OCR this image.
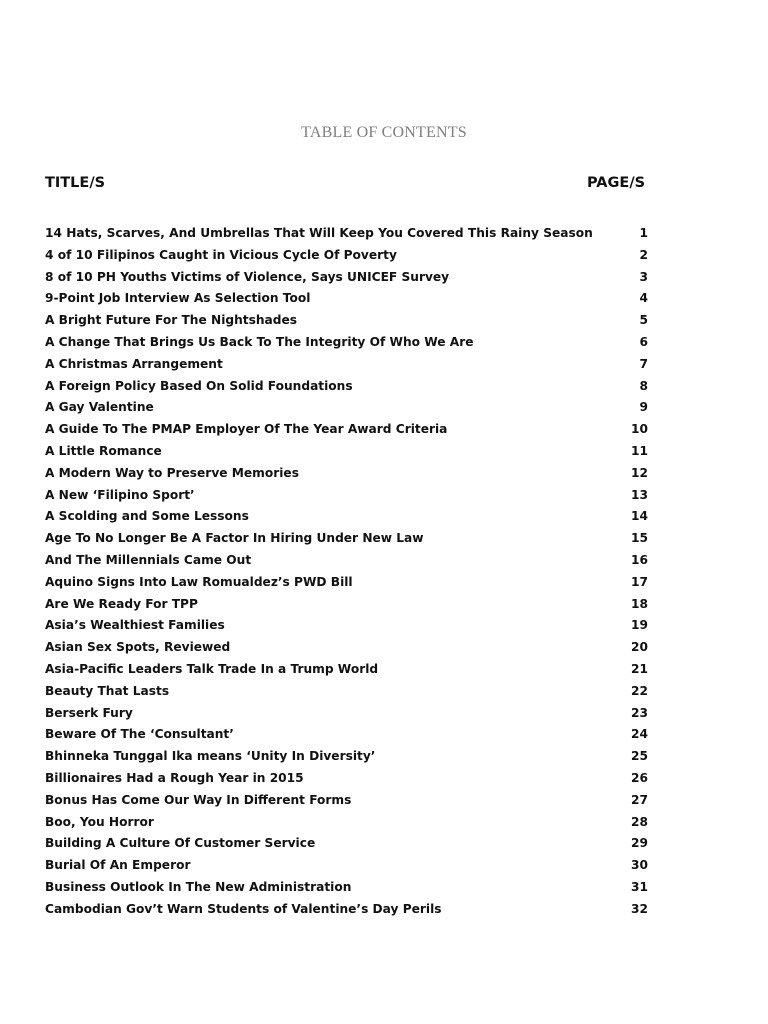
TABLE OF CONTENTS
TITLE/S	PAGE/S
14 Hats, Scarves, And Umbrellas That Will Keep You Covered This Rainy Season	1
4 of 10 Filipinos Caught in Vicious Cycle Of Poverty	2
8 of 10 PH Youths Victims of Violence, Says UNICEF Survey	3
9-Point Job Interview As Selection Tool	4
A Bright Future For The Nightshades	5
A Change That Brings Us Back To The Integrity Of Who We Are	6
A Christmas Arrangement	7
A Foreign Policy Based On Solid Foundations	8
A Gay Valentine	9
A Guide To The PMAP Employer Of The Year Award Criteria	10
A Little Romance	11
A Modern Way to Preserve Memories	12
A New ‘Filipino Sport’	13
A Scolding and Some Lessons	14
Age To No Longer Be A Factor In Hiring Under New Law	15
And The Millennials Came Out	16
Aquino Signs Into Law Romualdez’s PWD Bill	17
Are We Ready For TPP	18
Asia’s Wealthiest Families	19
Asian Sex Spots, Reviewed	20
Asia-Pacific Leaders Talk Trade In a Trump World	21
Beauty That Lasts	22
Berserk Fury	23
Beware Of The ‘Consultant’	24
Bhinneka Tunggal Ika means ‘Unity In Diversity’	25
Billionaires Had a Rough Year in 2015	26
Bonus Has Come Our Way In Different Forms	27
Boo, You Horror	28
Building A Culture Of Customer Service	29
Burial Of An Emperor	30
Business Outlook In The New Administration	31
Cambodian Gov’t Warn Students of Valentine’s Day Perils	32
